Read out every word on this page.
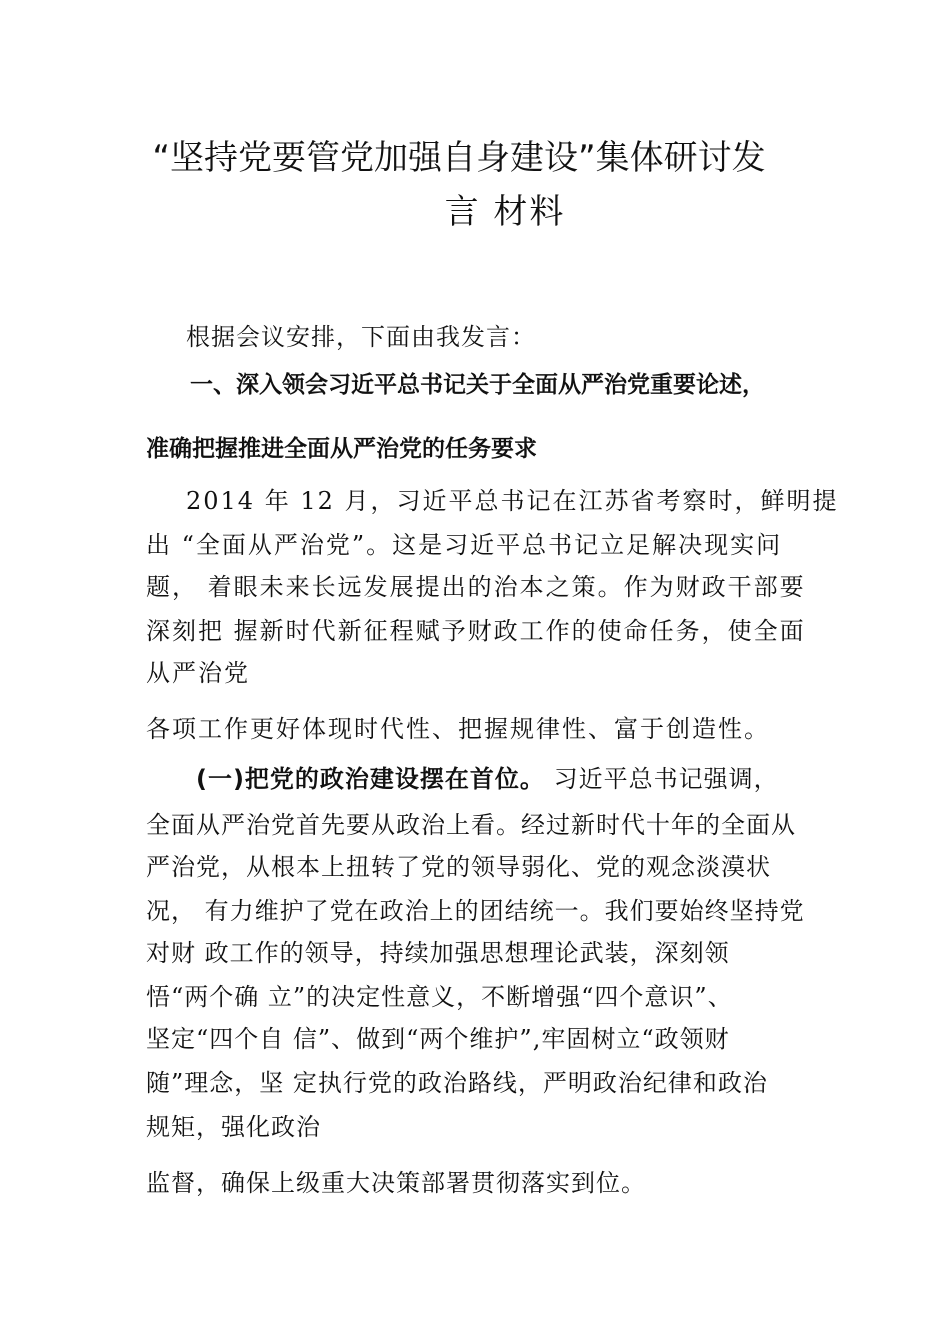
“坚持党要管党加强自身建设”集体研讨发
言 材料
根据会议安排，下面由我发言：
一、深入领会习近平总书记关于全面从严治党重要论述，
准确把握推进全面从严治党的任务要求
2014 年 12 月，习近平总书记在江苏省考察时，鲜明提
出 “全面从严治党”。这是习近平总书记立足解决现实问
题， 着眼未来长远发展提出的治本之策。作为财政干部要
深刻把 握新时代新征程赋予财政工作的使命任务，使全面
从严治党
各项工作更好体现时代性、把握规律性、富于创造性。
(一)把党的政治建设摆在首位。 习近平总书记强调，
全面从严治党首先要从政治上看。经过新时代十年的全面从
严治党，从根本上扭转了党的领导弱化、党的观念淡漠状
况， 有力维护了党在政治上的团结统一。我们要始终坚持党
对财 政工作的领导，持续加强思想理论武装，深刻领
悟“两个确 立”的决定性意义，不断增强“四个意识”、
坚定“四个自 信”、做到“两个维护”,牢固树立“政领财
随”理念，坚 定执行党的政治路线，严明政治纪律和政治
规矩，强化政治
监督，确保上级重大决策部署贯彻落实到位。
